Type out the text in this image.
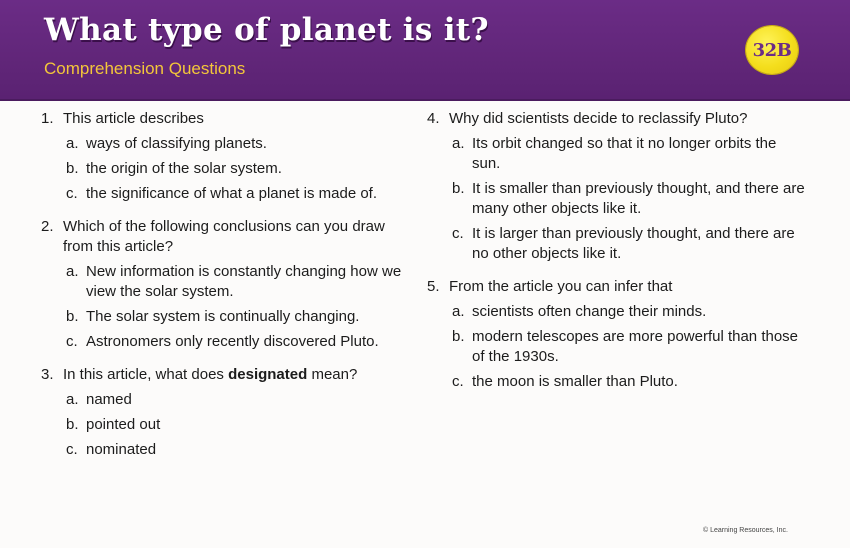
What type of planet is it?
Comprehension Questions
32B
1. This article describes
a. ways of classifying planets.
b. the origin of the solar system.
c. the significance of what a planet is made of.
2. Which of the following conclusions can you draw from this article?
a. New information is constantly changing how we view the solar system.
b. The solar system is continually changing.
c. Astronomers only recently discovered Pluto.
3. In this article, what does designated mean?
a. named
b. pointed out
c. nominated
4. Why did scientists decide to reclassify Pluto?
a. Its orbit changed so that it no longer orbits the sun.
b. It is smaller than previously thought, and there are many other objects like it.
c. It is larger than previously thought, and there are no other objects like it.
5. From the article you can infer that
a. scientists often change their minds.
b. modern telescopes are more powerful than those of the 1930s.
c. the moon is smaller than Pluto.
© Learning Resources, Inc.
